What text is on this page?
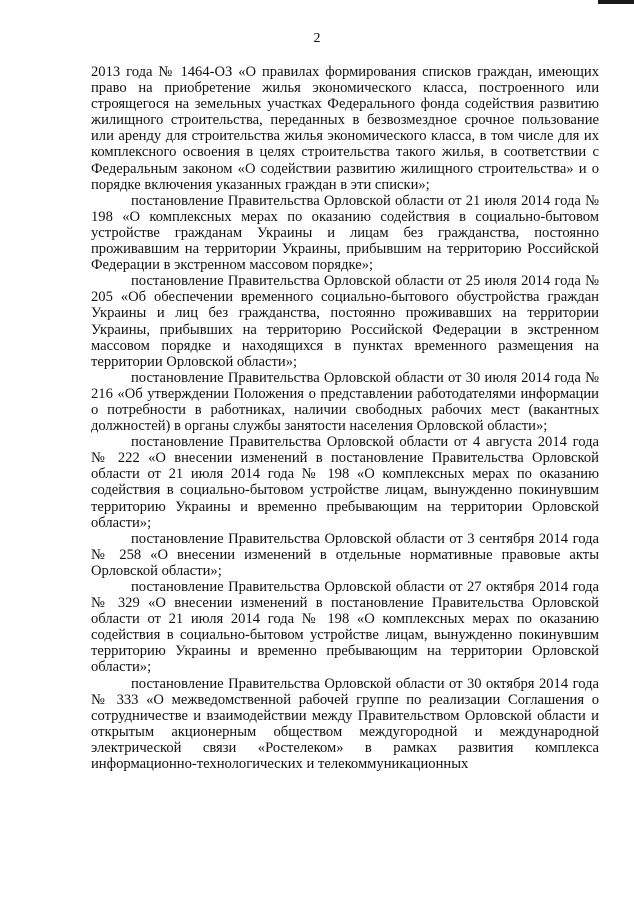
2

2013 года № 1464-ОЗ «О правилах формирования списков граждан, имеющих право на приобретение жилья экономического класса, построенного или строящегося на земельных участках Федерального фонда содействия развитию жилищного строительства, переданных в безвозмездное срочное пользование или аренду для строительства жилья экономического класса, в том числе для их комплексного освоения в целях строительства такого жилья, в соответствии с Федеральным законом «О содействии развитию жилищного строительства» и о порядке включения указанных граждан в эти списки»;

постановление Правительства Орловской области от 21 июля 2014 года № 198 «О комплексных мерах по оказанию содействия в социально-бытовом устройстве гражданам Украины и лицам без гражданства, постоянно проживавшим на территории Украины, прибывшим на территорию Российской Федерации в экстренном массовом порядке»;

постановление Правительства Орловской области от 25 июля 2014 года № 205 «Об обеспечении временного социально-бытового обустройства граждан Украины и лиц без гражданства, постоянно проживавших на территории Украины, прибывших на территорию Российской Федерации в экстренном массовом порядке и находящихся в пунктах временного размещения на территории Орловской области»;

постановление Правительства Орловской области от 30 июля 2014 года № 216 «Об утверждении Положения о представлении работодателями информации о потребности в работниках, наличии свободных рабочих мест (вакантных должностей) в органы службы занятости населения Орловской области»;

постановление Правительства Орловской области от 4 августа 2014 года № 222 «О внесении изменений в постановление Правительства Орловской области от 21 июля 2014 года № 198 «О комплексных мерах по оказанию содействия в социально-бытовом устройстве лицам, вынужденно покинувшим территорию Украины и временно пребывающим на территории Орловской области»;

постановление Правительства Орловской области от 3 сентября 2014 года № 258 «О внесении изменений в отдельные нормативные правовые акты Орловской области»;

постановление Правительства Орловской области от 27 октября 2014 года № 329 «О внесении изменений в постановление Правительства Орловской области от 21 июля 2014 года № 198 «О комплексных мерах по оказанию содействия в социально-бытовом устройстве лицам, вынужденно покинувшим территорию Украины и временно пребывающим на территории Орловской области»;

постановление Правительства Орловской области от 30 октября 2014 года № 333 «О межведомственной рабочей группе по реализации Соглашения о сотрудничестве и взаимодействии между Правительством Орловской области и открытым акционерным обществом междугородной и международной электрической связи «Ростелеком» в рамках развития комплекса информационно-технологических и телекоммуникационных
